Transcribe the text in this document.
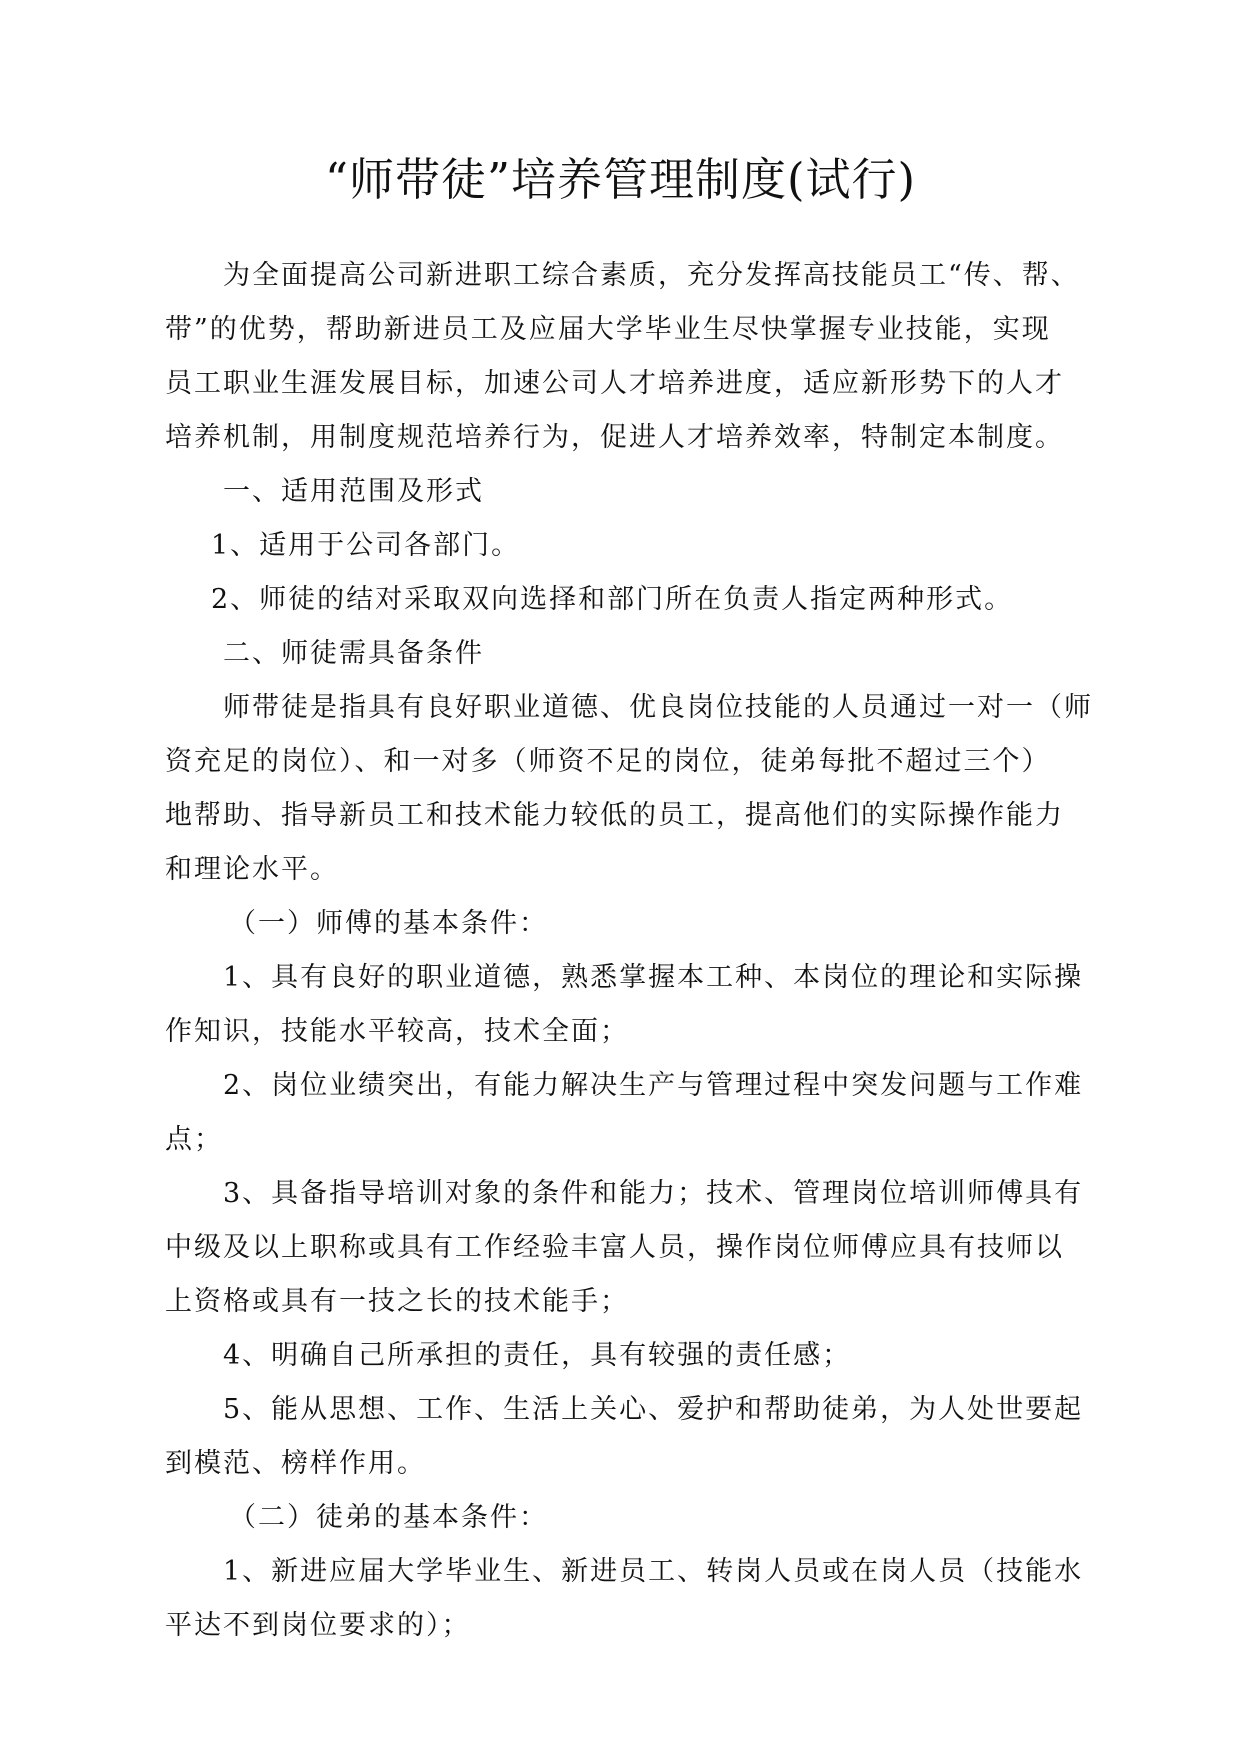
“师带徒”培养管理制度(试行)

为全面提高公司新进职工综合素质，充分发挥高技能员工“传、帮、

带”的优势，帮助新进员工及应届大学毕业生尽快掌握专业技能，实现

员工职业生涯发展目标，加速公司人才培养进度，适应新形势下的人才

培养机制，用制度规范培养行为，促进人才培养效率，特制定本制度。

一、适用范围及形式

1、适用于公司各部门。

2、师徒的结对采取双向选择和部门所在负责人指定两种形式。

二、师徒需具备条件

师带徒是指具有良好职业道德、优良岗位技能的人员通过一对一（师

资充足的岗位）、和一对多（师资不足的岗位，徒弟每批不超过三个）

地帮助、指导新员工和技术能力较低的员工，提高他们的实际操作能力

和理论水平。

（一）师傅的基本条件：

1、具有良好的职业道德，熟悉掌握本工种、本岗位的理论和实际操

作知识，技能水平较高，技术全面；

2、岗位业绩突出，有能力解决生产与管理过程中突发问题与工作难

点；

3、具备指导培训对象的条件和能力；技术、管理岗位培训师傅具有

中级及以上职称或具有工作经验丰富人员，操作岗位师傅应具有技师以

上资格或具有一技之长的技术能手；

4、明确自己所承担的责任，具有较强的责任感；

5、能从思想、工作、生活上关心、爱护和帮助徒弟，为人处世要起

到模范、榜样作用。

（二）徒弟的基本条件：

1、新进应届大学毕业生、新进员工、转岗人员或在岗人员（技能水

平达不到岗位要求的）；
